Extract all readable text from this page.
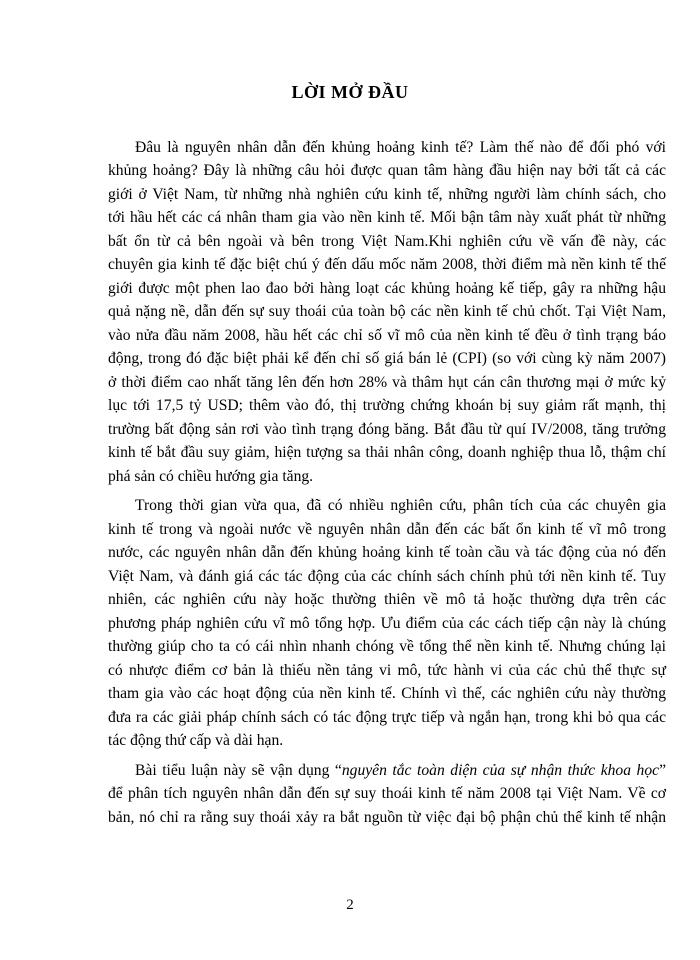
LỜI MỞ ĐẦU
Đâu là nguyên nhân dẫn đến khủng hoảng kinh tế? Làm thế nào để đối phó với
khủng hoảng? Đây là những câu hỏi được quan tâm hàng đầu hiện nay bởi tất cả các
giới ở Việt Nam, từ những nhà nghiên cứu kinh tế, những người làm chính sách, cho
tới hầu hết các cá nhân tham gia vào nền kinh tế. Mối bận tâm này xuất phát từ những
bất ổn từ cả bên ngoài và bên trong Việt Nam.Khi nghiên cứu về vấn đề này, các
chuyên gia kinh tế đặc biệt chú ý đến dấu mốc năm 2008, thời điểm mà nền kinh tế thế
giới được một phen lao đao bởi hàng loạt các khủng hoảng kế tiếp, gây ra những hậu
quả nặng nề, dẫn đến sự suy thoái của toàn bộ các nền kinh tế chủ chốt. Tại Việt Nam,
vào nửa đầu năm 2008, hầu hết các chỉ số vĩ mô của nền kinh tế đều ở tình trạng báo
động, trong đó đặc biệt phải kể đến chỉ số giá bán lẻ (CPI) (so với cùng kỳ năm 2007)
ở thời điểm cao nhất tăng lên đến hơn 28% và thâm hụt cán cân thương mại ở mức kỷ
lục tới 17,5 tỷ USD; thêm vào đó, thị trường chứng khoán bị suy giảm rất mạnh, thị
trường bất động sản rơi vào tình trạng đóng băng. Bắt đầu từ quí IV/2008, tăng trưởng
kinh tế bắt đầu suy giảm, hiện tượng sa thải nhân công, doanh nghiệp thua lỗ, thậm chí
phá sản có chiều hướng gia tăng.
Trong thời gian vừa qua, đã có nhiều nghiên cứu, phân tích của các chuyên gia
kinh tế trong và ngoài nước về nguyên nhân dẫn đến các bất ổn kinh tế vĩ mô trong
nước, các nguyên nhân dẫn đến khủng hoảng kinh tế toàn cầu và tác động của nó đến
Việt Nam, và đánh giá các tác động của các chính sách chính phủ tới nền kinh tế. Tuy
nhiên, các nghiên cứu này hoặc thường thiên về mô tả hoặc thường dựa trên các
phương pháp nghiên cứu vĩ mô tổng hợp. Ưu điểm của các cách tiếp cận này là chúng
thường giúp cho ta có cái nhìn nhanh chóng về tổng thể nền kinh tế. Nhưng chúng lại
có nhược điểm cơ bản là thiếu nền tảng vi mô, tức hành vi của các chủ thể thực sự
tham gia vào các hoạt động của nền kinh tế. Chính vì thế, các nghiên cứu này thường
đưa ra các giải pháp chính sách có tác động trực tiếp và ngắn hạn, trong khi bỏ qua các
tác động thứ cấp và dài hạn.
Bài tiểu luận này sẽ vận dụng “nguyên tắc toàn diện của sự nhận thức khoa học”
để phân tích nguyên nhân dẫn đến sự suy thoái kinh tế năm 2008 tại Việt Nam. Về cơ
bản, nó chỉ ra rằng suy thoái xảy ra bắt nguồn từ việc đại bộ phận chủ thể kinh tế nhận
2
